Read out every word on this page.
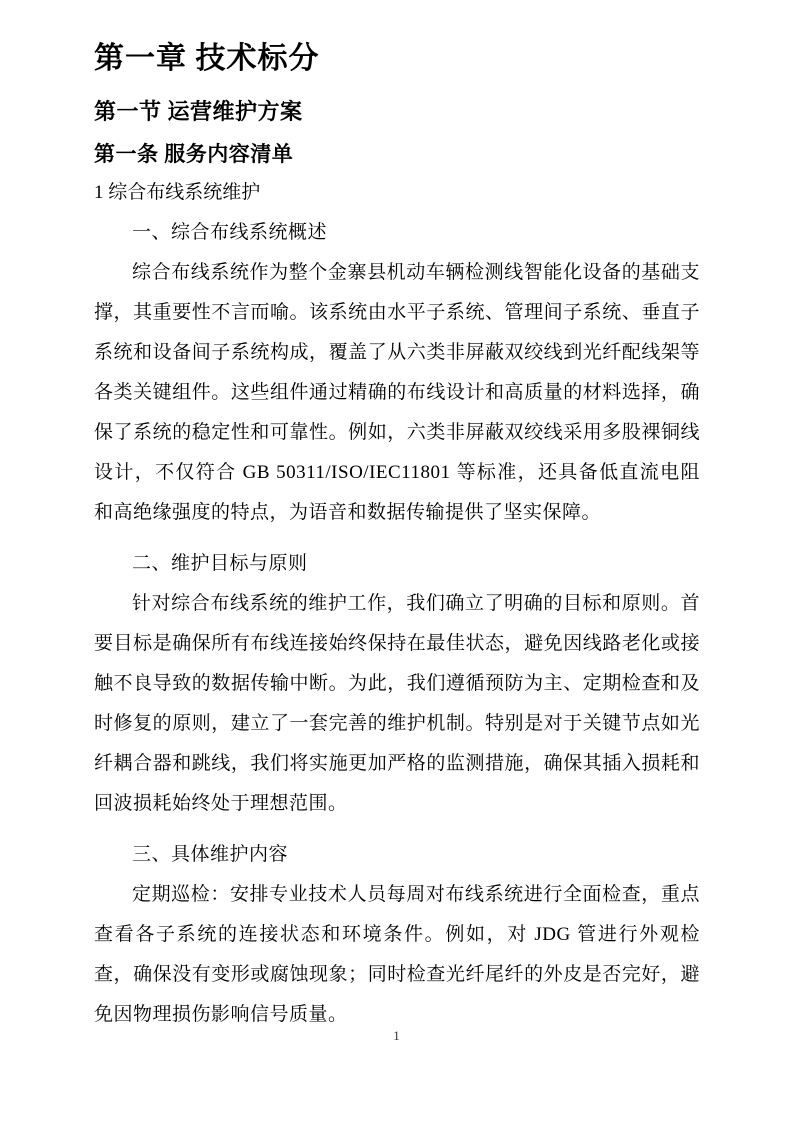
第一章 技术标分
第一节 运营维护方案
第一条 服务内容清单
1 综合布线系统维护
一、综合布线系统概述

综合布线系统作为整个金寨县机动车辆检测线智能化设备的基础支撑，其重要性不言而喻。该系统由水平子系统、管理间子系统、垂直子系统和设备间子系统构成，覆盖了从六类非屏蔽双绞线到光纤配线架等各类关键组件。这些组件通过精确的布线设计和高质量的材料选择，确保了系统的稳定性和可靠性。例如，六类非屏蔽双绞线采用多股裸铜线设计，不仅符合 GB 50311/ISO/IEC11801 等标准，还具备低直流电阻和高绝缘强度的特点，为语音和数据传输提供了坚实保障。

二、维护目标与原则

针对综合布线系统的维护工作，我们确立了明确的目标和原则。首要目标是确保所有布线连接始终保持在最佳状态，避免因线路老化或接触不良导致的数据传输中断。为此，我们遵循预防为主、定期检查和及时修复的原则，建立了一套完善的维护机制。特别是对于关键节点如光纤耦合器和跳线，我们将实施更加严格的监测措施，确保其插入损耗和回波损耗始终处于理想范围。

三、具体维护内容

定期巡检：安排专业技术人员每周对布线系统进行全面检查，重点查看各子系统的连接状态和环境条件。例如，对 JDG 管进行外观检查，确保没有变形或腐蚀现象；同时检查光纤尾纤的外皮是否完好，避免因物理损伤影响信号质量。

1
